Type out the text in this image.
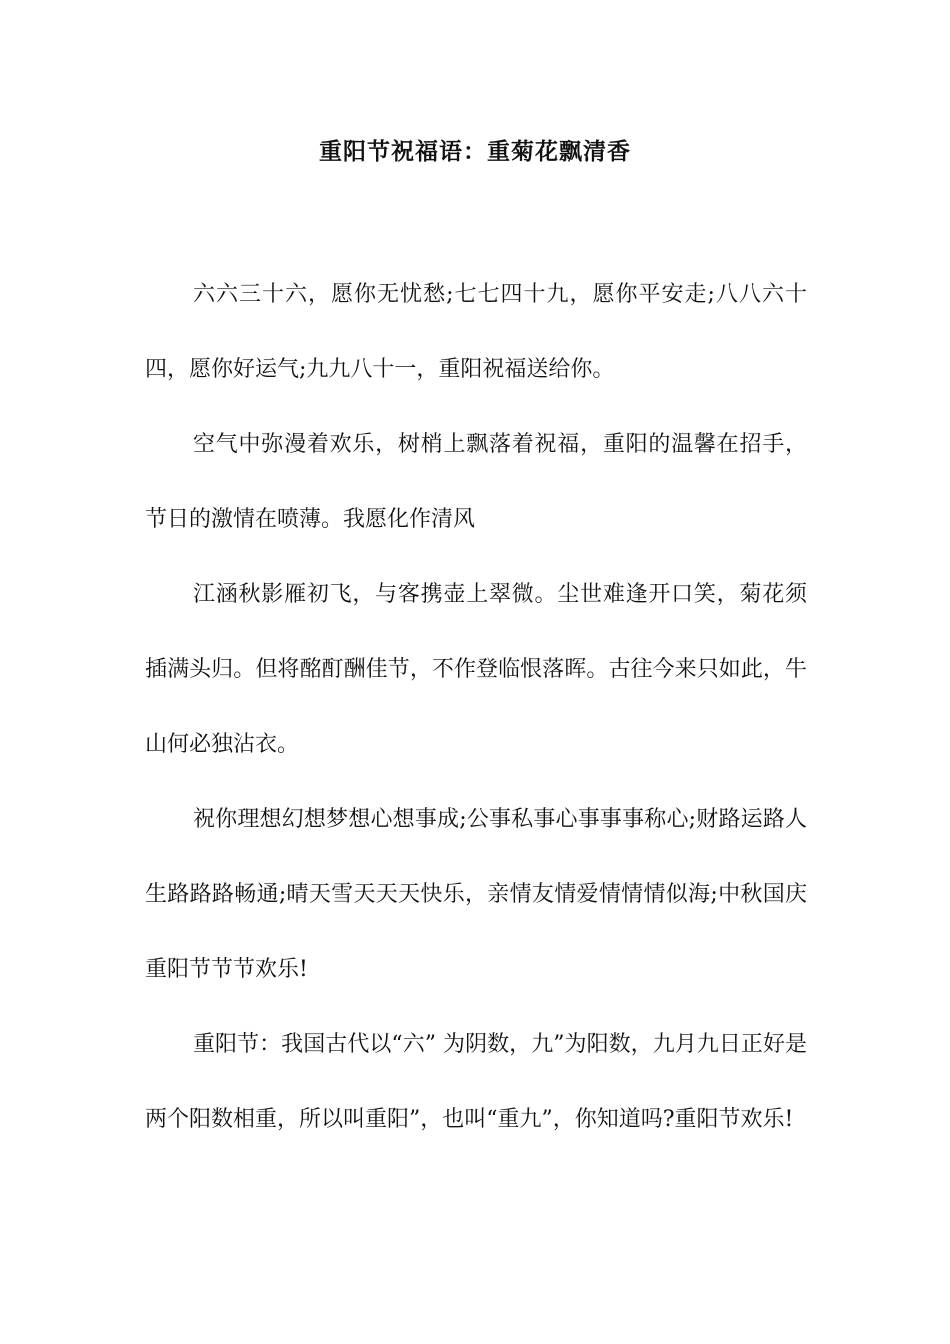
重阳节祝福语：重菊花飘清香

六六三十六，愿你无忧愁;七七四十九，愿你平安走;八八六十四，愿你好运气;九九八十一，重阳祝福送给你。

空气中弥漫着欢乐，树梢上飘落着祝福，重阳的温馨在招手，节日的激情在喷薄。我愿化作清风

江涵秋影雁初飞，与客携壶上翠微。尘世难逢开口笑，菊花须插满头归。但将酩酊酬佳节，不作登临恨落晖。古往今来只如此，牛山何必独沾衣。

祝你理想幻想梦想心想事成;公事私事心事事事称心;财路运路人生路路路畅通;晴天雪天天天快乐，亲情友情爱情情情似海;中秋国庆重阳节节节欢乐!

重阳节：我国古代以“六” 为阴数，九”为阳数，九月九日正好是两个阳数相重，所以叫重阳”，也叫“重九”，你知道吗?重阳节欢乐!
